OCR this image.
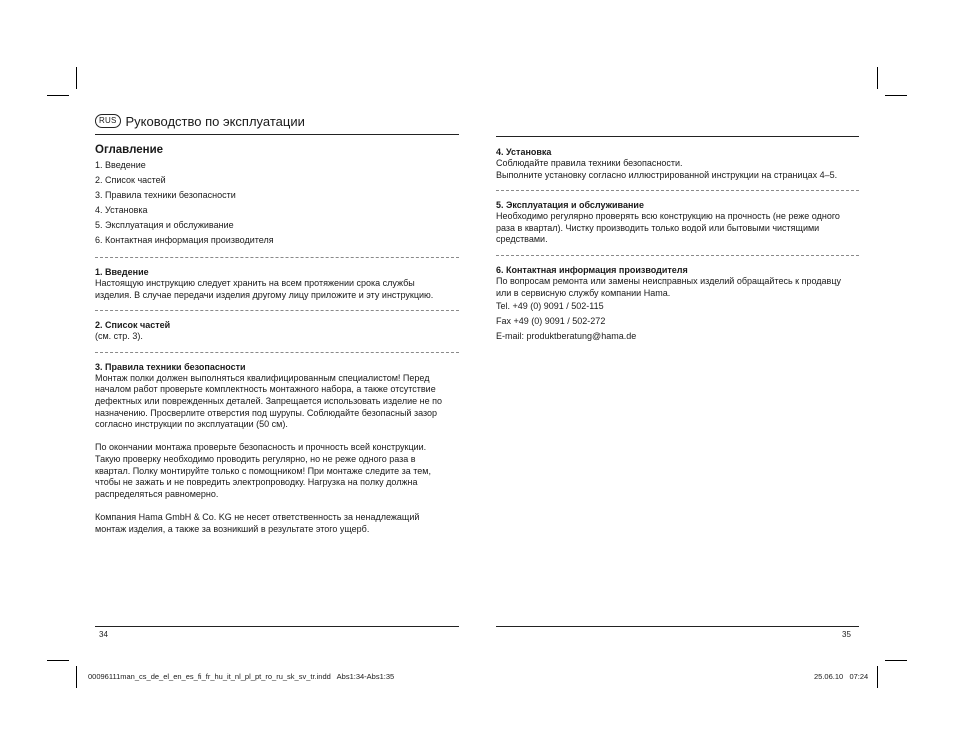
RUS Руководство по эксплуатации
Оглавление
1. Введение
2. Список частей
3. Правила техники безопасности
4. Установка
5. Эксплуатация и обслуживание
6. Контактная информация производителя
1. Введение
Настоящую инструкцию следует хранить на всем протяжении срока службы
изделия. В случае передачи изделия другому лицу приложите и эту инструкцию.
2. Список частей
(см. стр. 3).
3. Правила техники безопасности
Монтаж полки должен выполняться квалифицированным специалистом! Перед
началом работ проверьте комплектность монтажного набора, а также отсутствие
дефектных или поврежденных деталей. Запрещается использовать изделие не по
назначению. Просверлите отверстия под шурупы. Соблюдайте безопасный зазор
согласно инструкции по эксплуатации (50 см).
По окончании монтажа проверьте безопасность и прочность всей конструкции.
Такую проверку необходимо проводить регулярно, но не реже одного раза в
квартал. Полку монтируйте только с помощником! При монтаже следите за тем,
чтобы не зажать и не повредить электропроводку. Нагрузка на полку должна
распределяться равномерно.
Компания Hama GmbH & Co. KG не несет ответственность за ненадлежащий
монтаж изделия, а также за возникший в результате этого ущерб.
4. Установка
Соблюдайте правила техники безопасности.
Выполните установку согласно иллюстрированной инструкции на страницах 4–5.
5. Эксплуатация и обслуживание
Необходимо регулярно проверять всю конструкцию на прочность (не реже одного
раза в квартал). Чистку производить только водой или бытовыми чистящими
средствами.
6. Контактная информация производителя
По вопросам ремонта или замены неисправных изделий обращайтесь к продавцу
или в сервисную службу компании Hama.
Tel. +49 (0) 9091 / 502-115
Fax +49 (0) 9091 / 502-272
E-mail: produktberatung@hama.de
34	35
00096111man_cs_de_el_en_es_fi_fr_hu_it_nl_pl_pt_ro_ru_sk_sv_tr.indd   Abs1:34-Abs1:35	25.06.10   07:24
